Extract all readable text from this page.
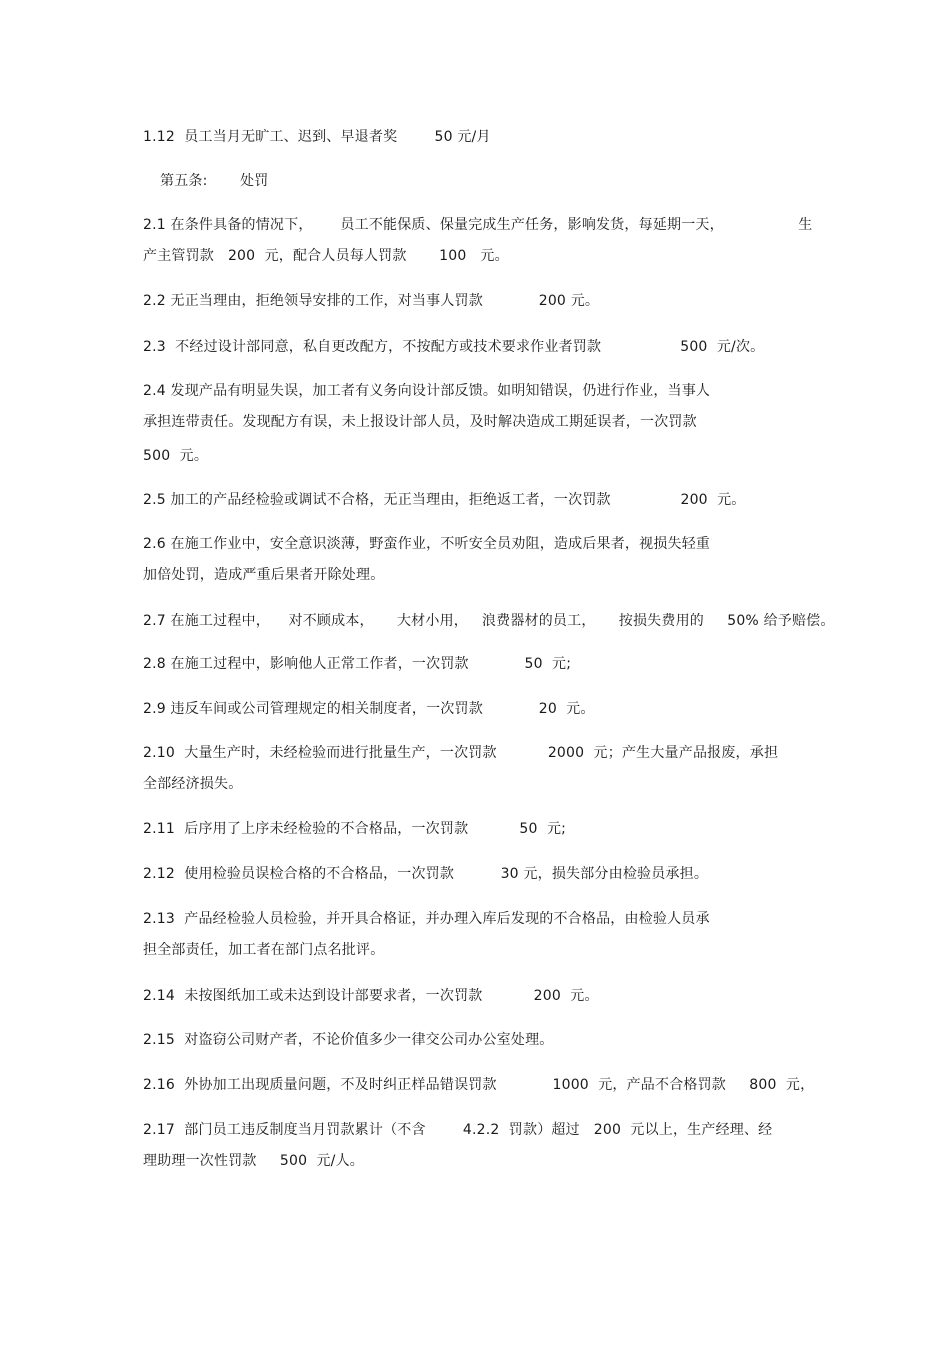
1.12  员工当月无旷工、迟到、早退者奖        50 元/月
第五条:       处罚
2.1 在条件具备的情况下，      员工不能保质、保量完成生产任务，影响发货，每延期一天，                生
产主管罚款   200  元，配合人员每人罚款       100   元。
2.2 无正当理由，拒绝领导安排的工作，对当事人罚款            200 元。
2.3  不经过设计部同意，私自更改配方，不按配方或技术要求作业者罚款                 500  元/次。
2.4 发现产品有明显失误，加工者有义务向设计部反馈。如明知错误，仍进行作业，当事人
承担连带责任。发现配方有误，未上报设计部人员，及时解决造成工期延误者，一次罚款
500  元。
2.5 加工的产品经检验或调试不合格，无正当理由，拒绝返工者，一次罚款               200  元。
2.6 在施工作业中，安全意识淡薄，野蛮作业，不听安全员劝阻，造成后果者，视损失轻重
加倍处罚，造成严重后果者开除处理。
2.7 在施工过程中，    对不顾成本，     大材小用，   浪费器材的员工，     按损失费用的     50% 给予赔偿。
2.8 在施工过程中，影响他人正常工作者，一次罚款            50  元;
2.9 违反车间或公司管理规定的相关制度者，一次罚款            20  元。
2.10  大量生产时，未经检验而进行批量生产，一次罚款           2000  元；产生大量产品报废，承担
全部经济损失。
2.11  后序用了上序未经检验的不合格品，一次罚款           50  元;
2.12  使用检验员误检合格的不合格品，一次罚款          30 元，损失部分由检验员承担。
2.13  产品经检验人员检验，并开具合格证，并办理入库后发现的不合格品，由检验人员承
担全部责任，加工者在部门点名批评。
2.14  未按图纸加工或未达到设计部要求者，一次罚款           200  元。
2.15  对盗窃公司财产者，不论价值多少一律交公司办公室处理。
2.16  外协加工出现质量问题，不及时纠正样品错误罚款            1000  元，产品不合格罚款     800  元，
2.17  部门员工违反制度当月罚款累计（不含        4.2.2  罚款）超过   200  元以上，生产经理、经
理助理一次性罚款     500  元/人。
